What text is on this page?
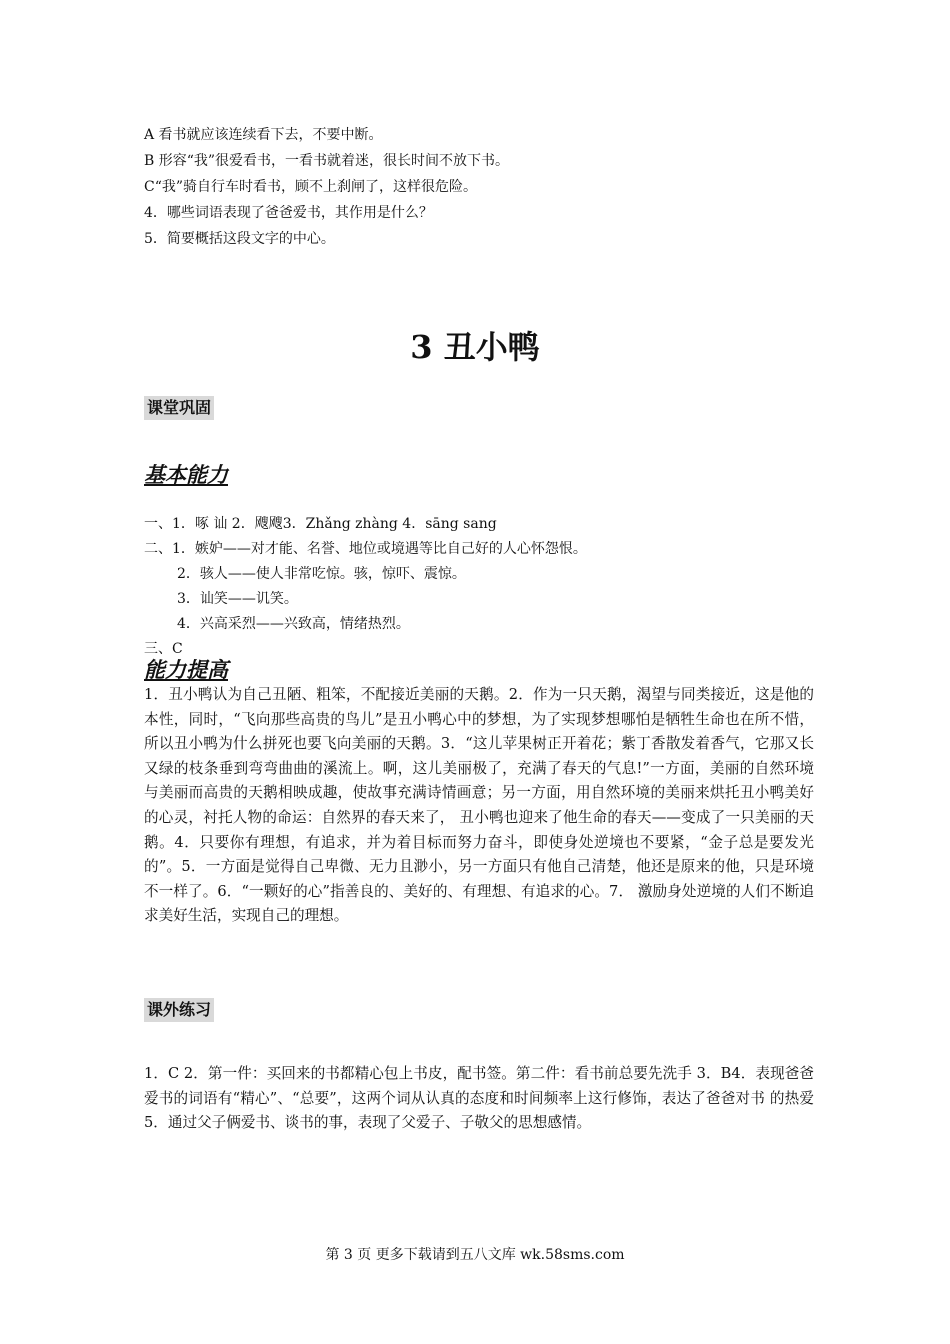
A 看书就应该连续看下去，不要中断。

B 形容“我”很爱看书，一看书就着迷，很长时间不放下书。

C“我”骑自行车时看书，顾不上刹闸了，这样很危险。

4．哪些词语表现了爸爸爱书，其作用是什么？

5．简要概括这段文字的中心。

3 丑小鸭
课堂巩固
基本能力

一、1．啄 讪 2．飕飕3．Zhǎng zhàng 4．sāng sang

二、1．嫉妒——对才能、名誉、地位或境遇等比自己好的人心怀怨恨。

2．骇人——使人非常吃惊。骇，惊吓、震惊。

3．讪笑——讥笑。

4．兴高采烈——兴致高，情绪热烈。

三、C

能力提高

1．丑小鸭认为自己丑陋、粗笨，不配接近美丽的天鹅。2．作为一只天鹅，渴望与同类接近，这是他的本性，同时，“飞向那些高贵的鸟儿”是丑小鸭心中的梦想，为了实现梦想哪怕是牺牲生命也在所不惜，所以丑小鸭为什么拼死也要飞向美丽的天鹅。3．“这儿苹果树正开着花；紫丁香散发着香气，它那又长又绿的枝条垂到弯弯曲曲的溪流上。啊，这儿美丽极了，充满了春天的气息!”一方面，美丽的自然环境与美丽而高贵的天鹅相映成趣，使故事充满诗情画意；另一方面，用自然环境的美丽来烘托丑小鸭美好的心灵，衬托人物的命运：自然界的春天来了， 丑小鸭也迎来了他生命的春天——变成了一只美丽的天鹅。4．只要你有理想，有追求，并为着目标而努力奋斗，即使身处逆境也不要紧，“金子总是要发光的”。5．一方面是觉得自己卑微、无力且渺小，另一方面只有他自己清楚，他还是原来的他，只是环境不一样了。6．“一颗好的心”指善良的、美好的、有理想、有追求的心。7． 激励身处逆境的人们不断追求美好生活，实现自己的理想。

课外练习

1．C 2．第一件：买回来的书都精心包上书皮，配书签。第二件：看书前总要先洗手 3．B4．表现爸爸爱书的词语有“精心”、“总要”，这两个词从认真的态度和时间频率上这行修饰，表达了爸爸对书 的热爱5．通过父子俩爱书、谈书的事，表现了父爱子、子敬父的思想感情。

第 3 页 更多下载请到五八文库 wk.58sms.com
